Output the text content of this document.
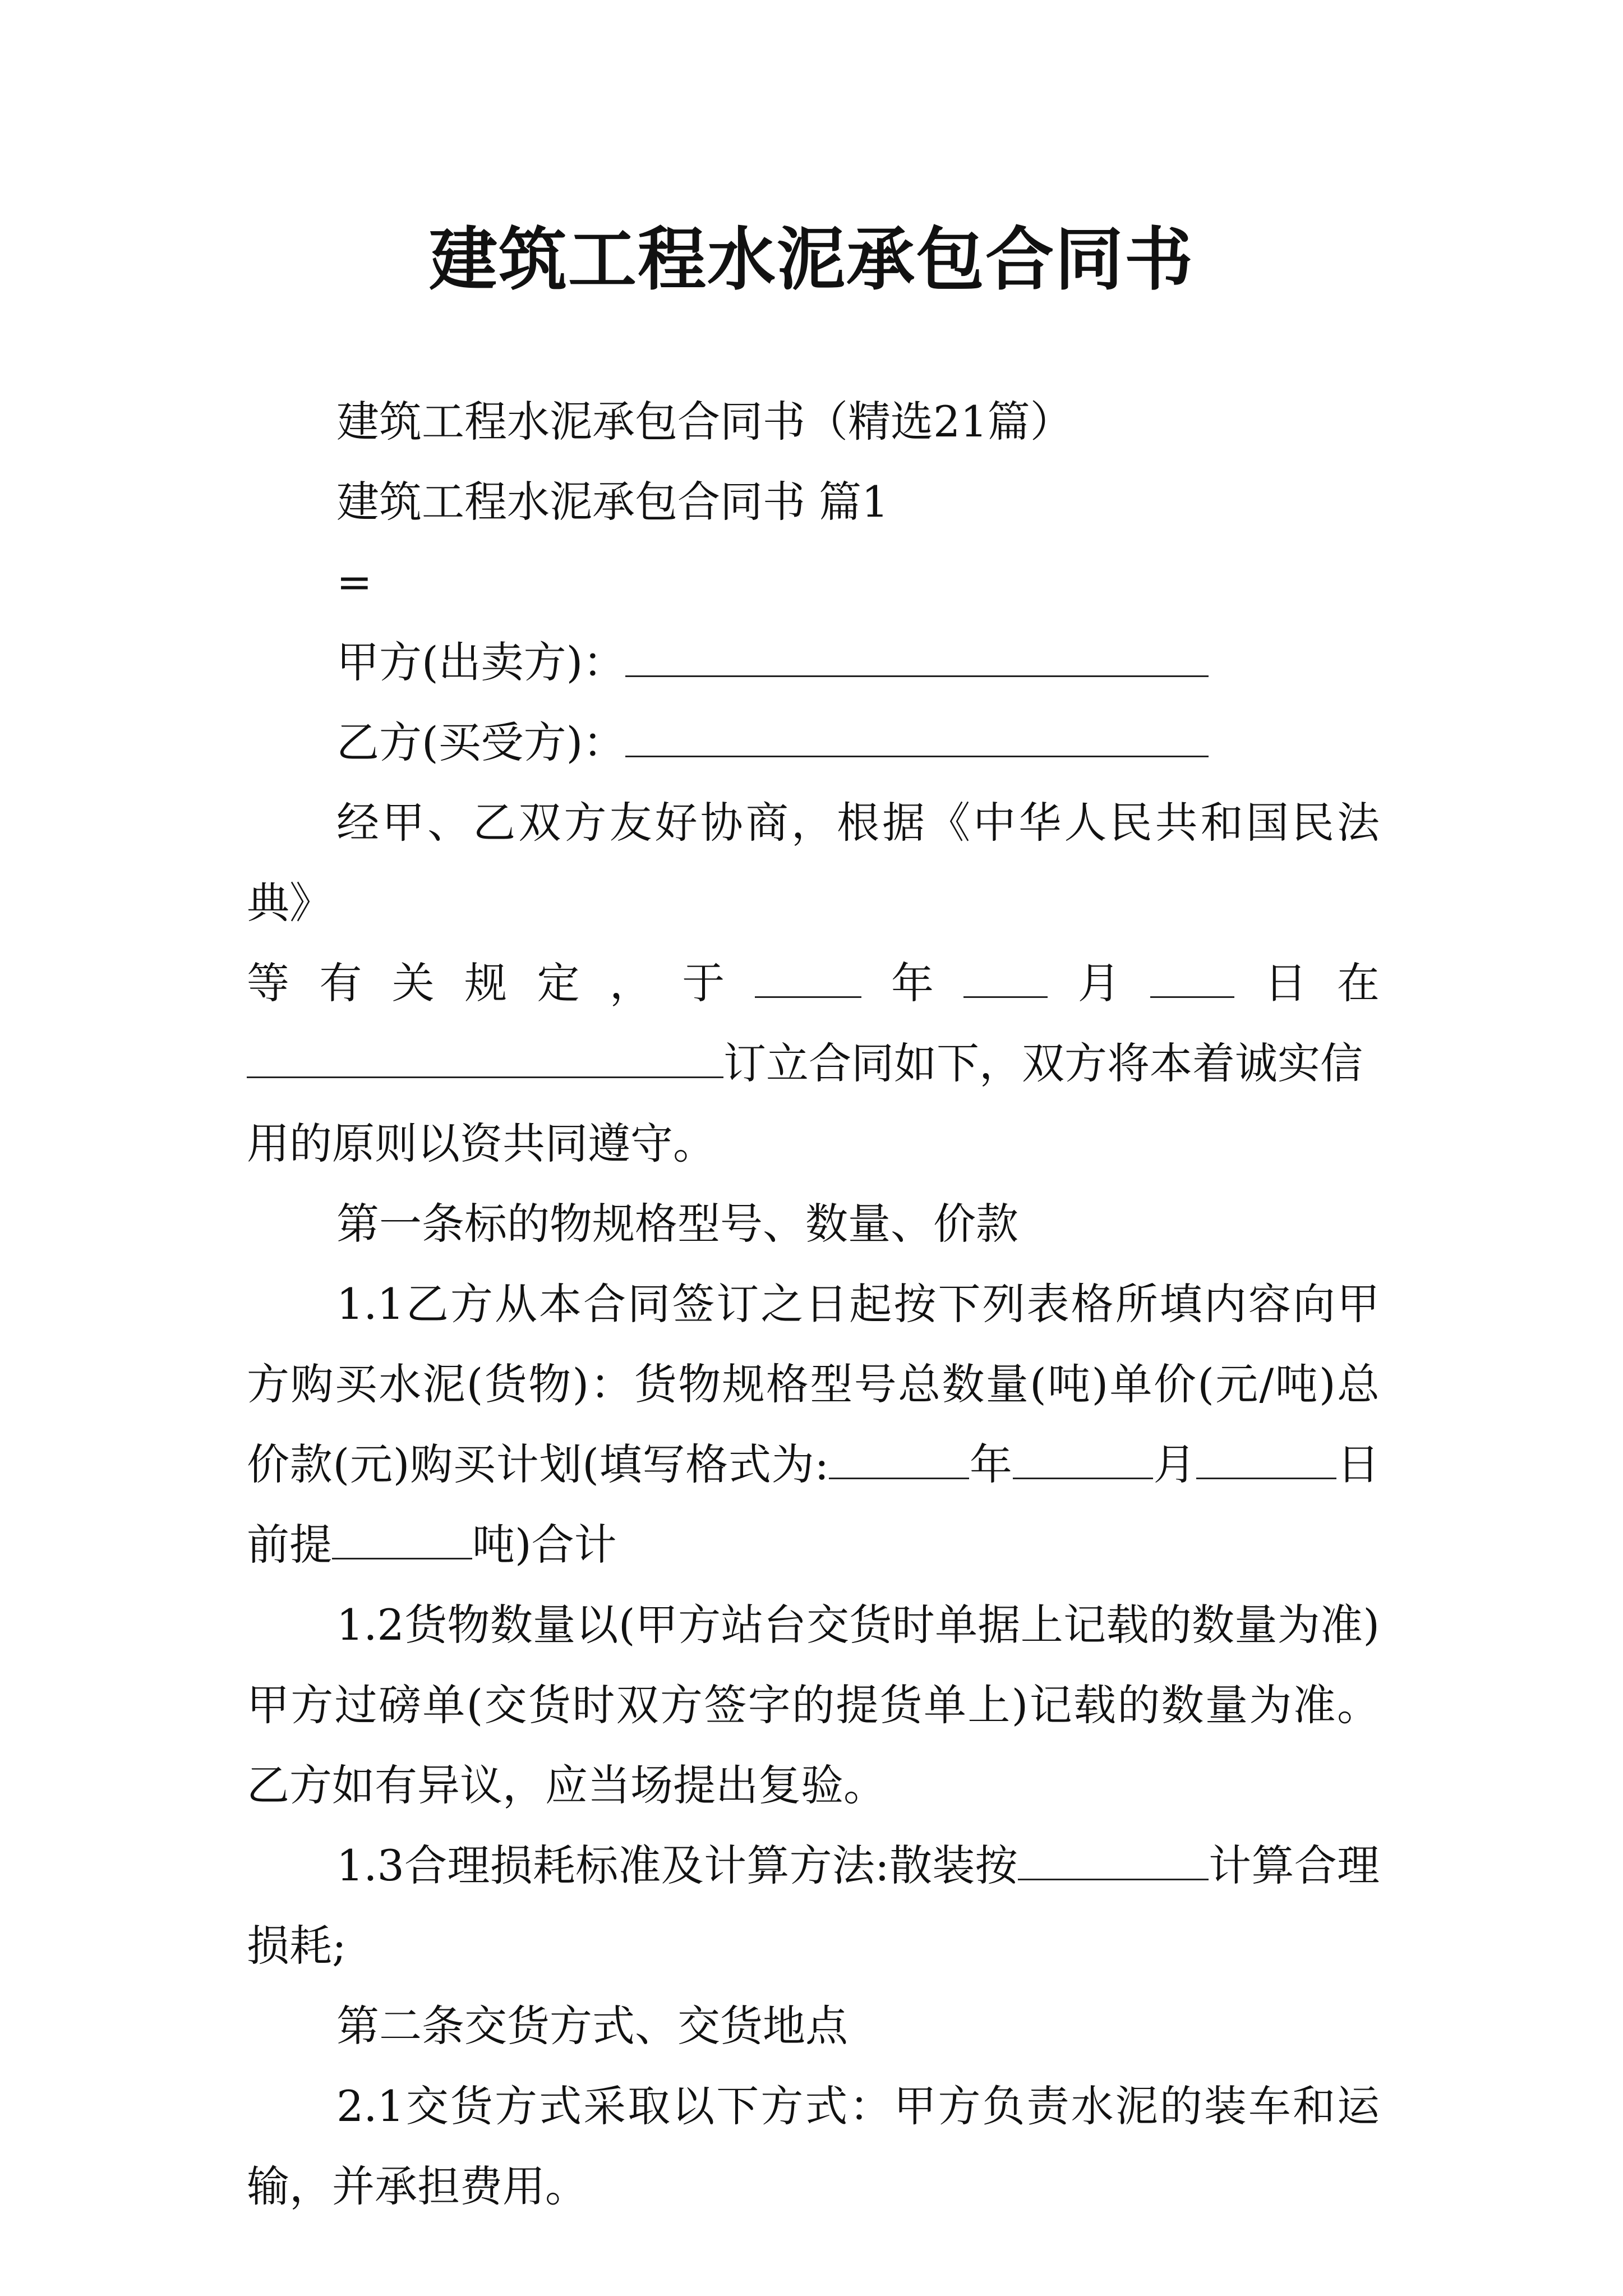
建筑工程水泥承包合同书

建筑工程水泥承包合同书（精选21篇）

建筑工程水泥承包合同书 篇1

=

甲方(出卖方)：

乙方(买受方)：

经甲、乙双方友好协商，根据《中华人民共和国民法典》

等 有 关 规 定 ， 于	年	月	日 在

订立合同如下，双方将本着诚实信

用的原则以资共同遵守。

第一条标的物规格型号、数量、价款

1.1乙方从本合同签订之日起按下列表格所填内容向甲方购买水泥(货物)：货物规格型号总数量(吨)单价(元/吨)总价款(元)购买计划(填写格式为:	年	月	日前提	吨)合计

1.2货物数量以(甲方站台交货时单据上记载的数量为准)甲方过磅单(交货时双方签字的提货单上)记载的数量为准。乙方如有异议，应当场提出复验。

1.3合理损耗标准及计算方法:散装按	计算合理损耗;

第二条交货方式、交货地点

2.1交货方式采取以下方式：甲方负责水泥的装车和运输，并承担费用。
